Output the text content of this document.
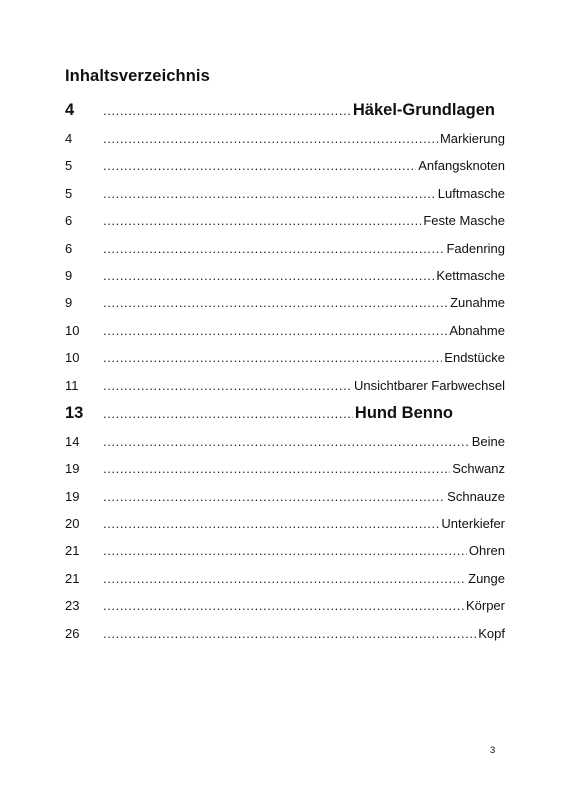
Inhaltsverzeichnis
4 .....	Häkel-Grundlagen
4 .....	Markierung
5 .....	Anfangsknoten
5 .....	Luftmasche
6 .....	Feste Masche
6 .....	Fadenring
9 .....	Kettmasche
9 .....	Zunahme
10 .....	Abnahme
10 .....	Endstücke
11 .....	Unsichtbarer Farbwechsel
13 .....	Hund Benno
14 .....	Beine
19 .....	Schwanz
19 .....	Schnauze
20 .....	Unterkiefer
21 .....	Ohren
21 .....	Zunge
23 .....	Körper
26 .....	Kopf
3
